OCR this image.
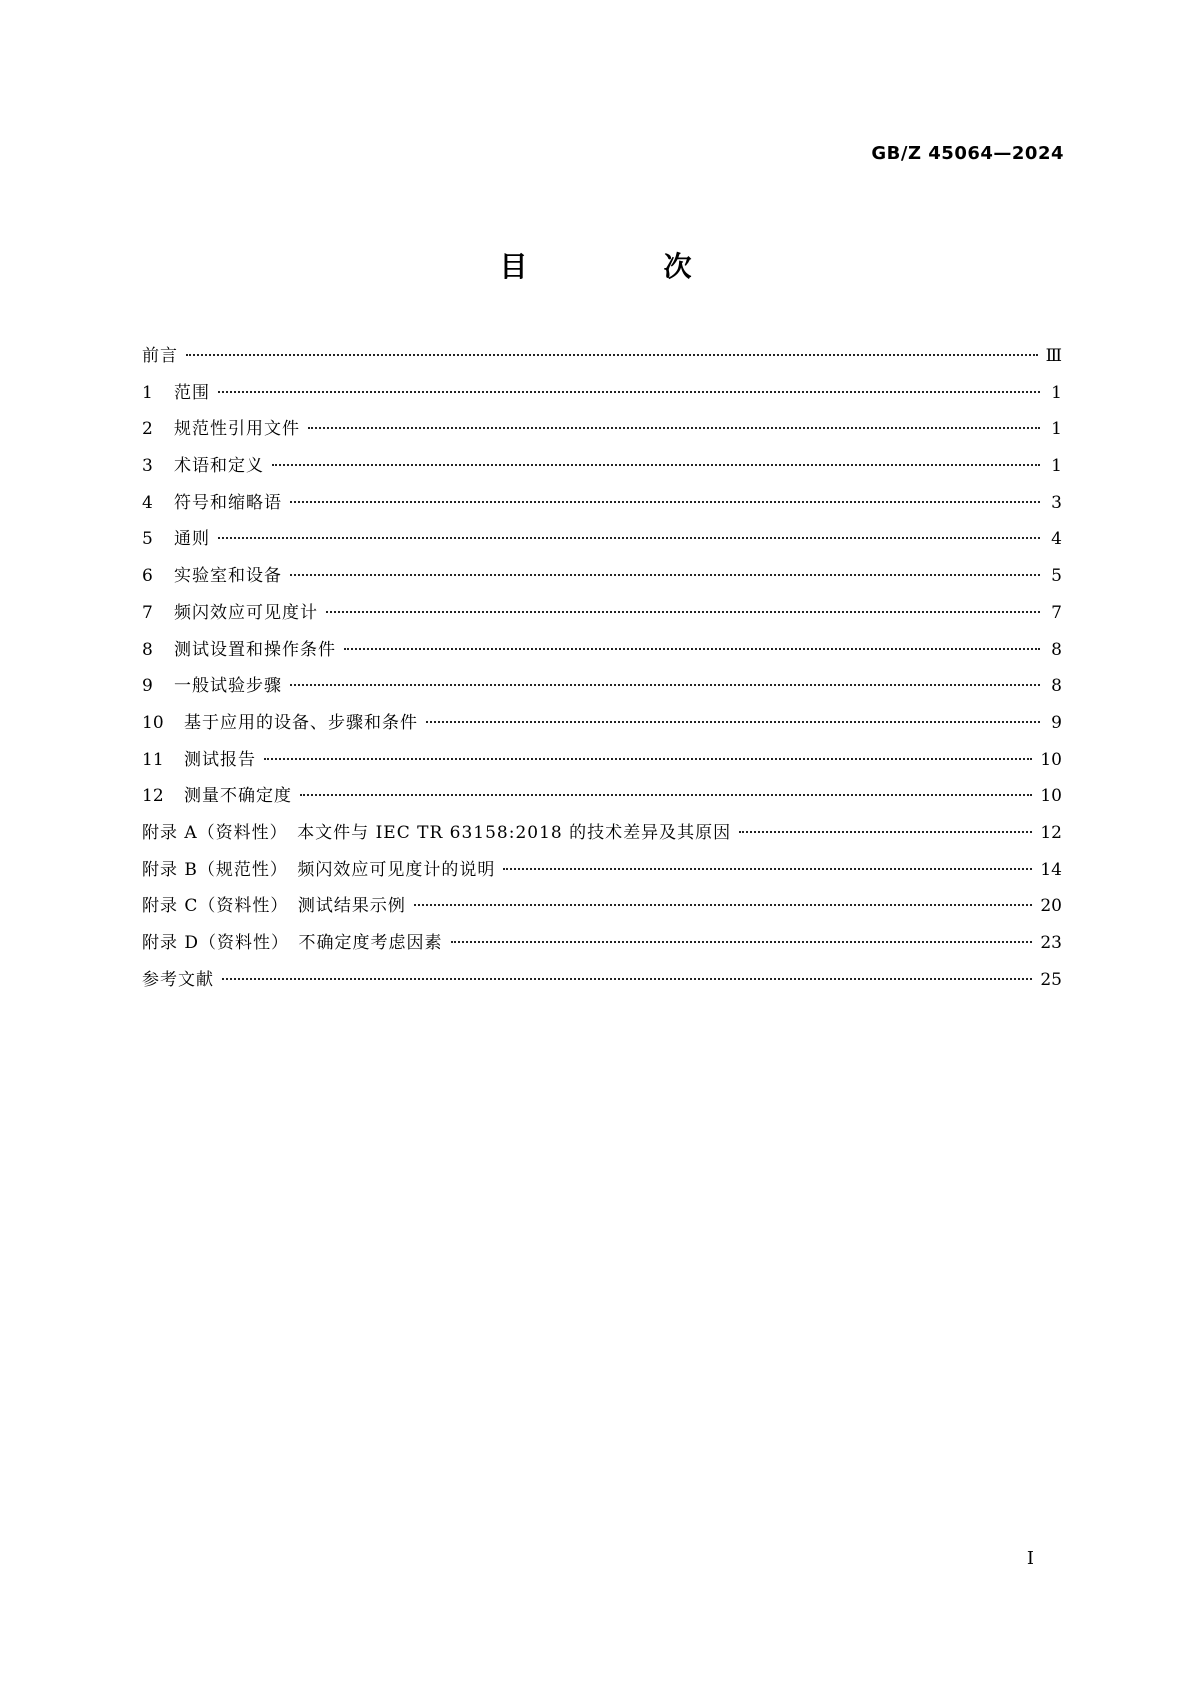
GB/Z 45064—2024

目　次
前言	Ⅲ
1	范围	1
2	规范性引用文件	1
3	术语和定义	1
4	符号和缩略语	3
5	通则	4
6	实验室和设备	5
7	频闪效应可见度计	7
8	测试设置和操作条件	8
9	一般试验步骤	8
10	基于应用的设备、步骤和条件	9
11	测试报告	10
12	测量不确定度	10
附录 A（资料性）　本文件与 IEC TR 63158:2018 的技术差异及其原因	12
附录 B（规范性）　频闪效应可见度计的说明	14
附录 C（资料性）　测试结果示例	20
附录 D（资料性）　不确定度考虑因素	23
参考文献	25

Ⅰ
